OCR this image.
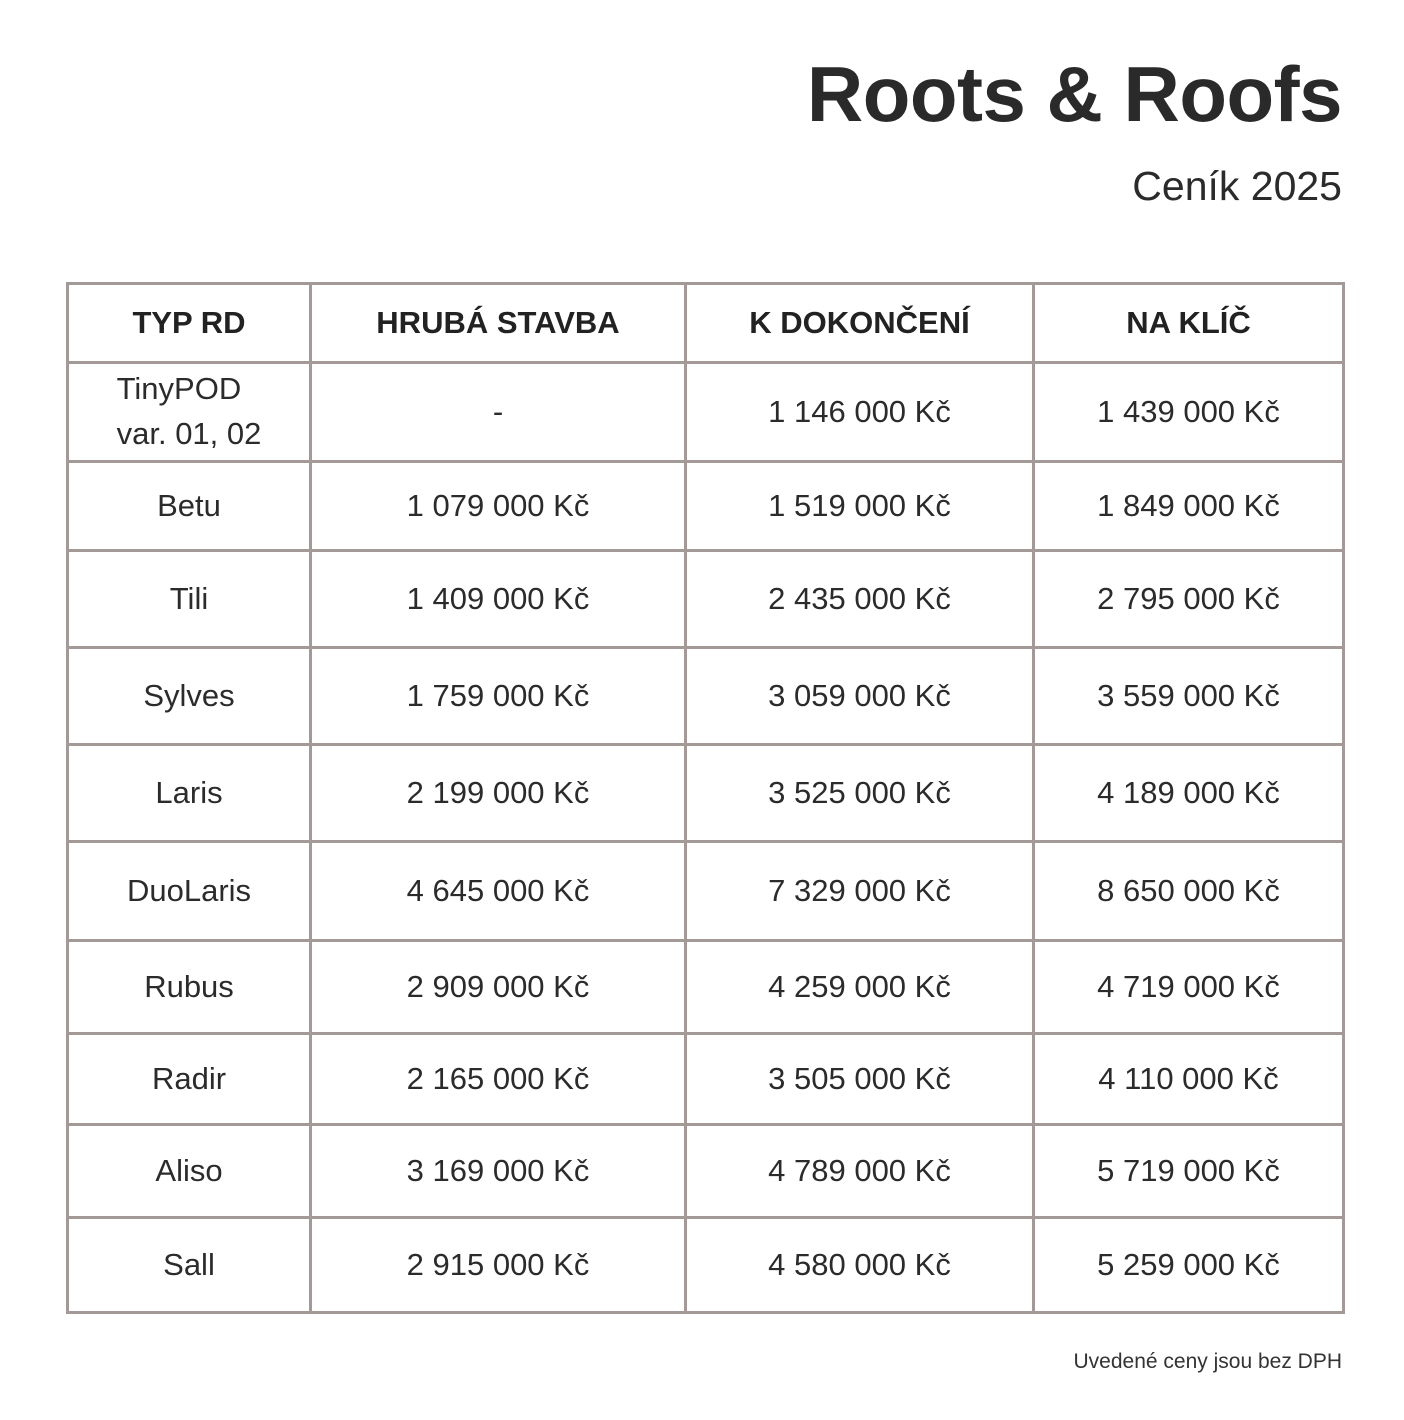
Roots & Roofs

Ceník 2025

TYP RD	HRUBÁ STAVBA	K DOKONČENÍ	NA KLÍČ
TinyPOD
var. 01, 02	-	1 146 000 Kč	1 439 000 Kč
Betu	1 079 000 Kč	1 519 000 Kč	1 849 000 Kč
Tili	1 409 000 Kč	2 435 000 Kč	2 795 000 Kč
Sylves	1 759 000 Kč	3 059 000 Kč	3 559 000 Kč
Laris	2 199 000 Kč	3 525 000 Kč	4 189 000 Kč
DuoLaris	4 645 000 Kč	7 329 000 Kč	8 650 000 Kč
Rubus	2 909 000 Kč	4 259 000 Kč	4 719 000 Kč
Radir	2 165 000 Kč	3 505 000 Kč	4 110 000 Kč
Aliso	3 169 000 Kč	4 789 000 Kč	5 719 000 Kč
Sall	2 915 000 Kč	4 580 000 Kč	5 259 000 Kč

Uvedené ceny jsou bez DPH
